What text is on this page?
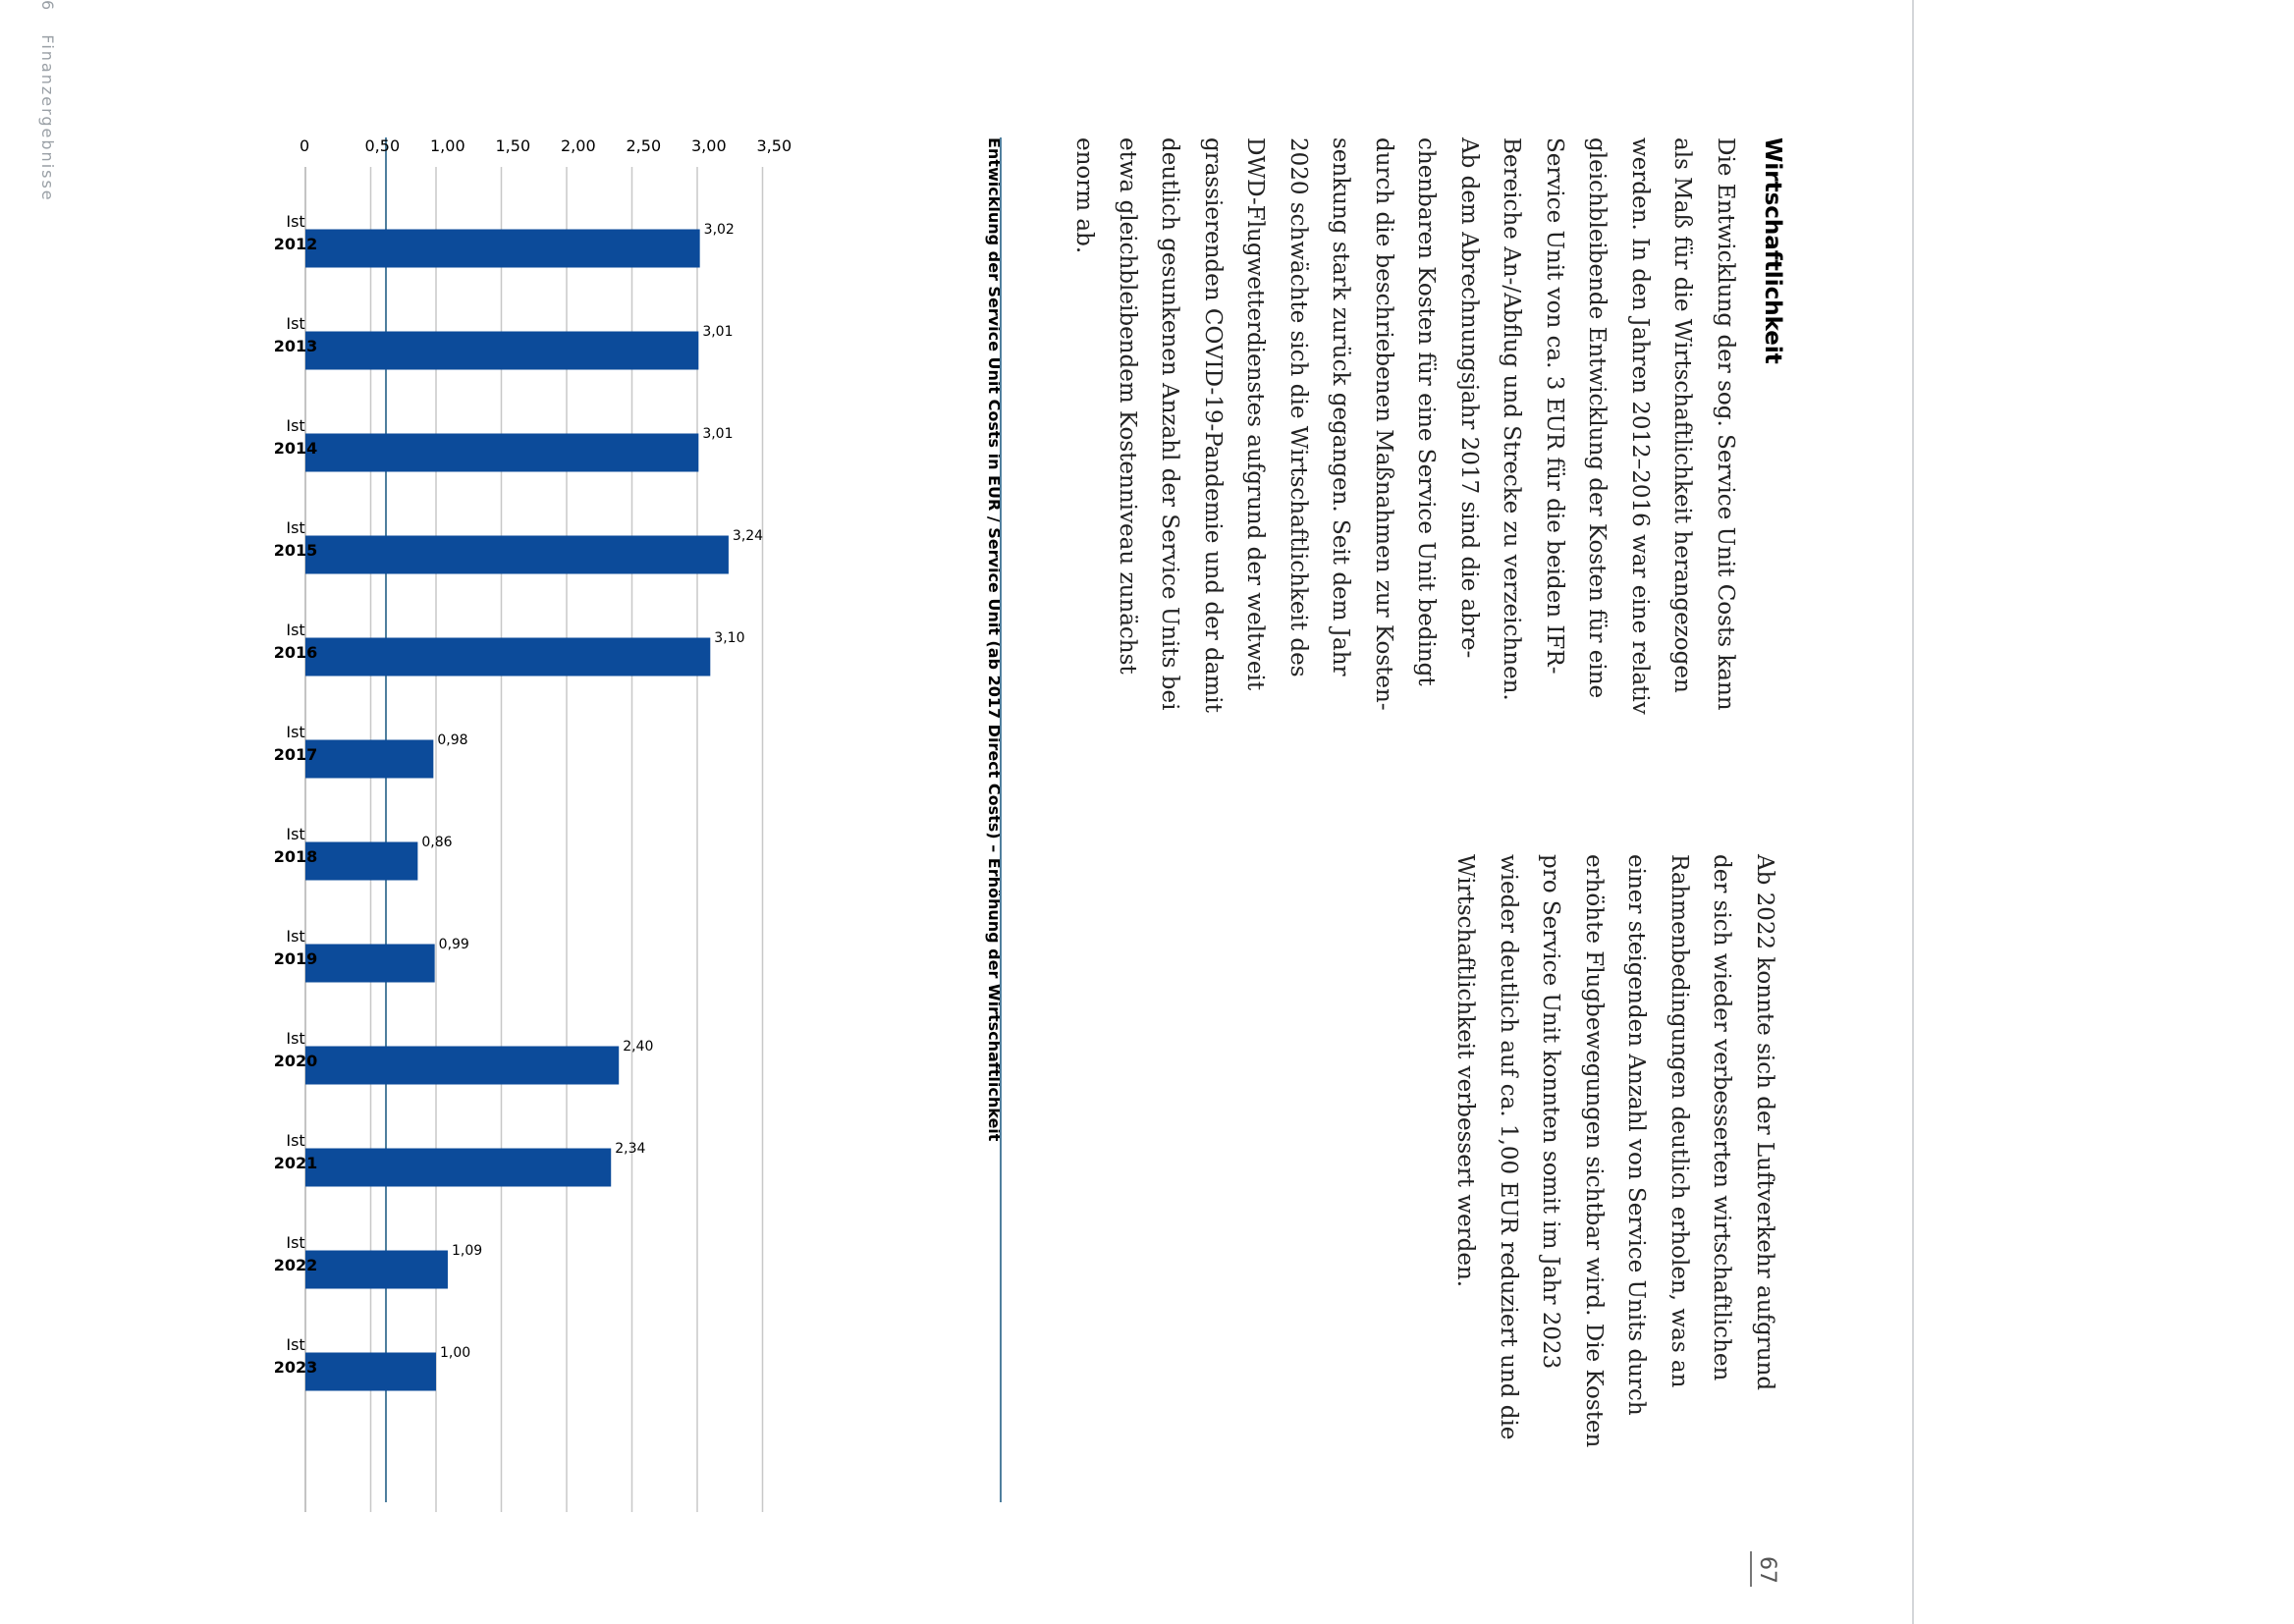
6 Finanzergebnisse
67
Wirtschaftlichkeit
Die Entwicklung der sog. Service Unit Costs kann
als Maß für die Wirtschaftlichkeit herangezogen
werden. In den Jahren 2012–2016 war eine relativ
gleichbleibende Entwicklung der Kosten für eine
Service Unit von ca. 3 EUR für die beiden IFR-
Bereiche An-/Abflug und Strecke zu verzeichnen.
Ab dem Abrechnungsjahr 2017 sind die abre-
chenbaren Kosten für eine Service Unit bedingt
durch die beschriebenen Maßnahmen zur Kosten-
senkung stark zurück gegangen. Seit dem Jahr
2020 schwächte sich die Wirtschaftlichkeit des
DWD-Flugwetterdienstes aufgrund der weltweit
grassierenden COVID-19-Pandemie und der damit
deutlich gesunkenen Anzahl der Service Units bei
etwa gleichbleibendem Kostenniveau zunächst
enorm ab.
Ab 2022 konnte sich der Luftverkehr aufgrund
der sich wieder verbesserten wirtschaftlichen
Rahmenbedingungen deutlich erholen, was an
einer steigenden Anzahl von Service Units durch
erhöhte Flugbewegungen sichtbar wird. Die Kosten
pro Service Unit konnten somit im Jahr 2023
wieder deutlich auf ca. 1,00 EUR reduziert und die
Wirtschaftlichkeit verbessert werden.
Entwicklung der Service Unit Costs in EUR / Service Unit (ab 2017 Direct Costs) – Erhöhung der Wirtschaftlichkeit
0	0,50 1,00 1,50 2,00 2,50 3,00 3,50
3,02
Ist
2012
3,01
Ist
2013
3,01
Ist
2014
3,24
Ist
2015
3,10
Ist
2016
0,98
Ist
2017
0,86
Ist
2018
0,99
Ist
2019
2,40
Ist
2020
2,34
Ist
2021
1,09
Ist
2022
1,00
Ist
2023
